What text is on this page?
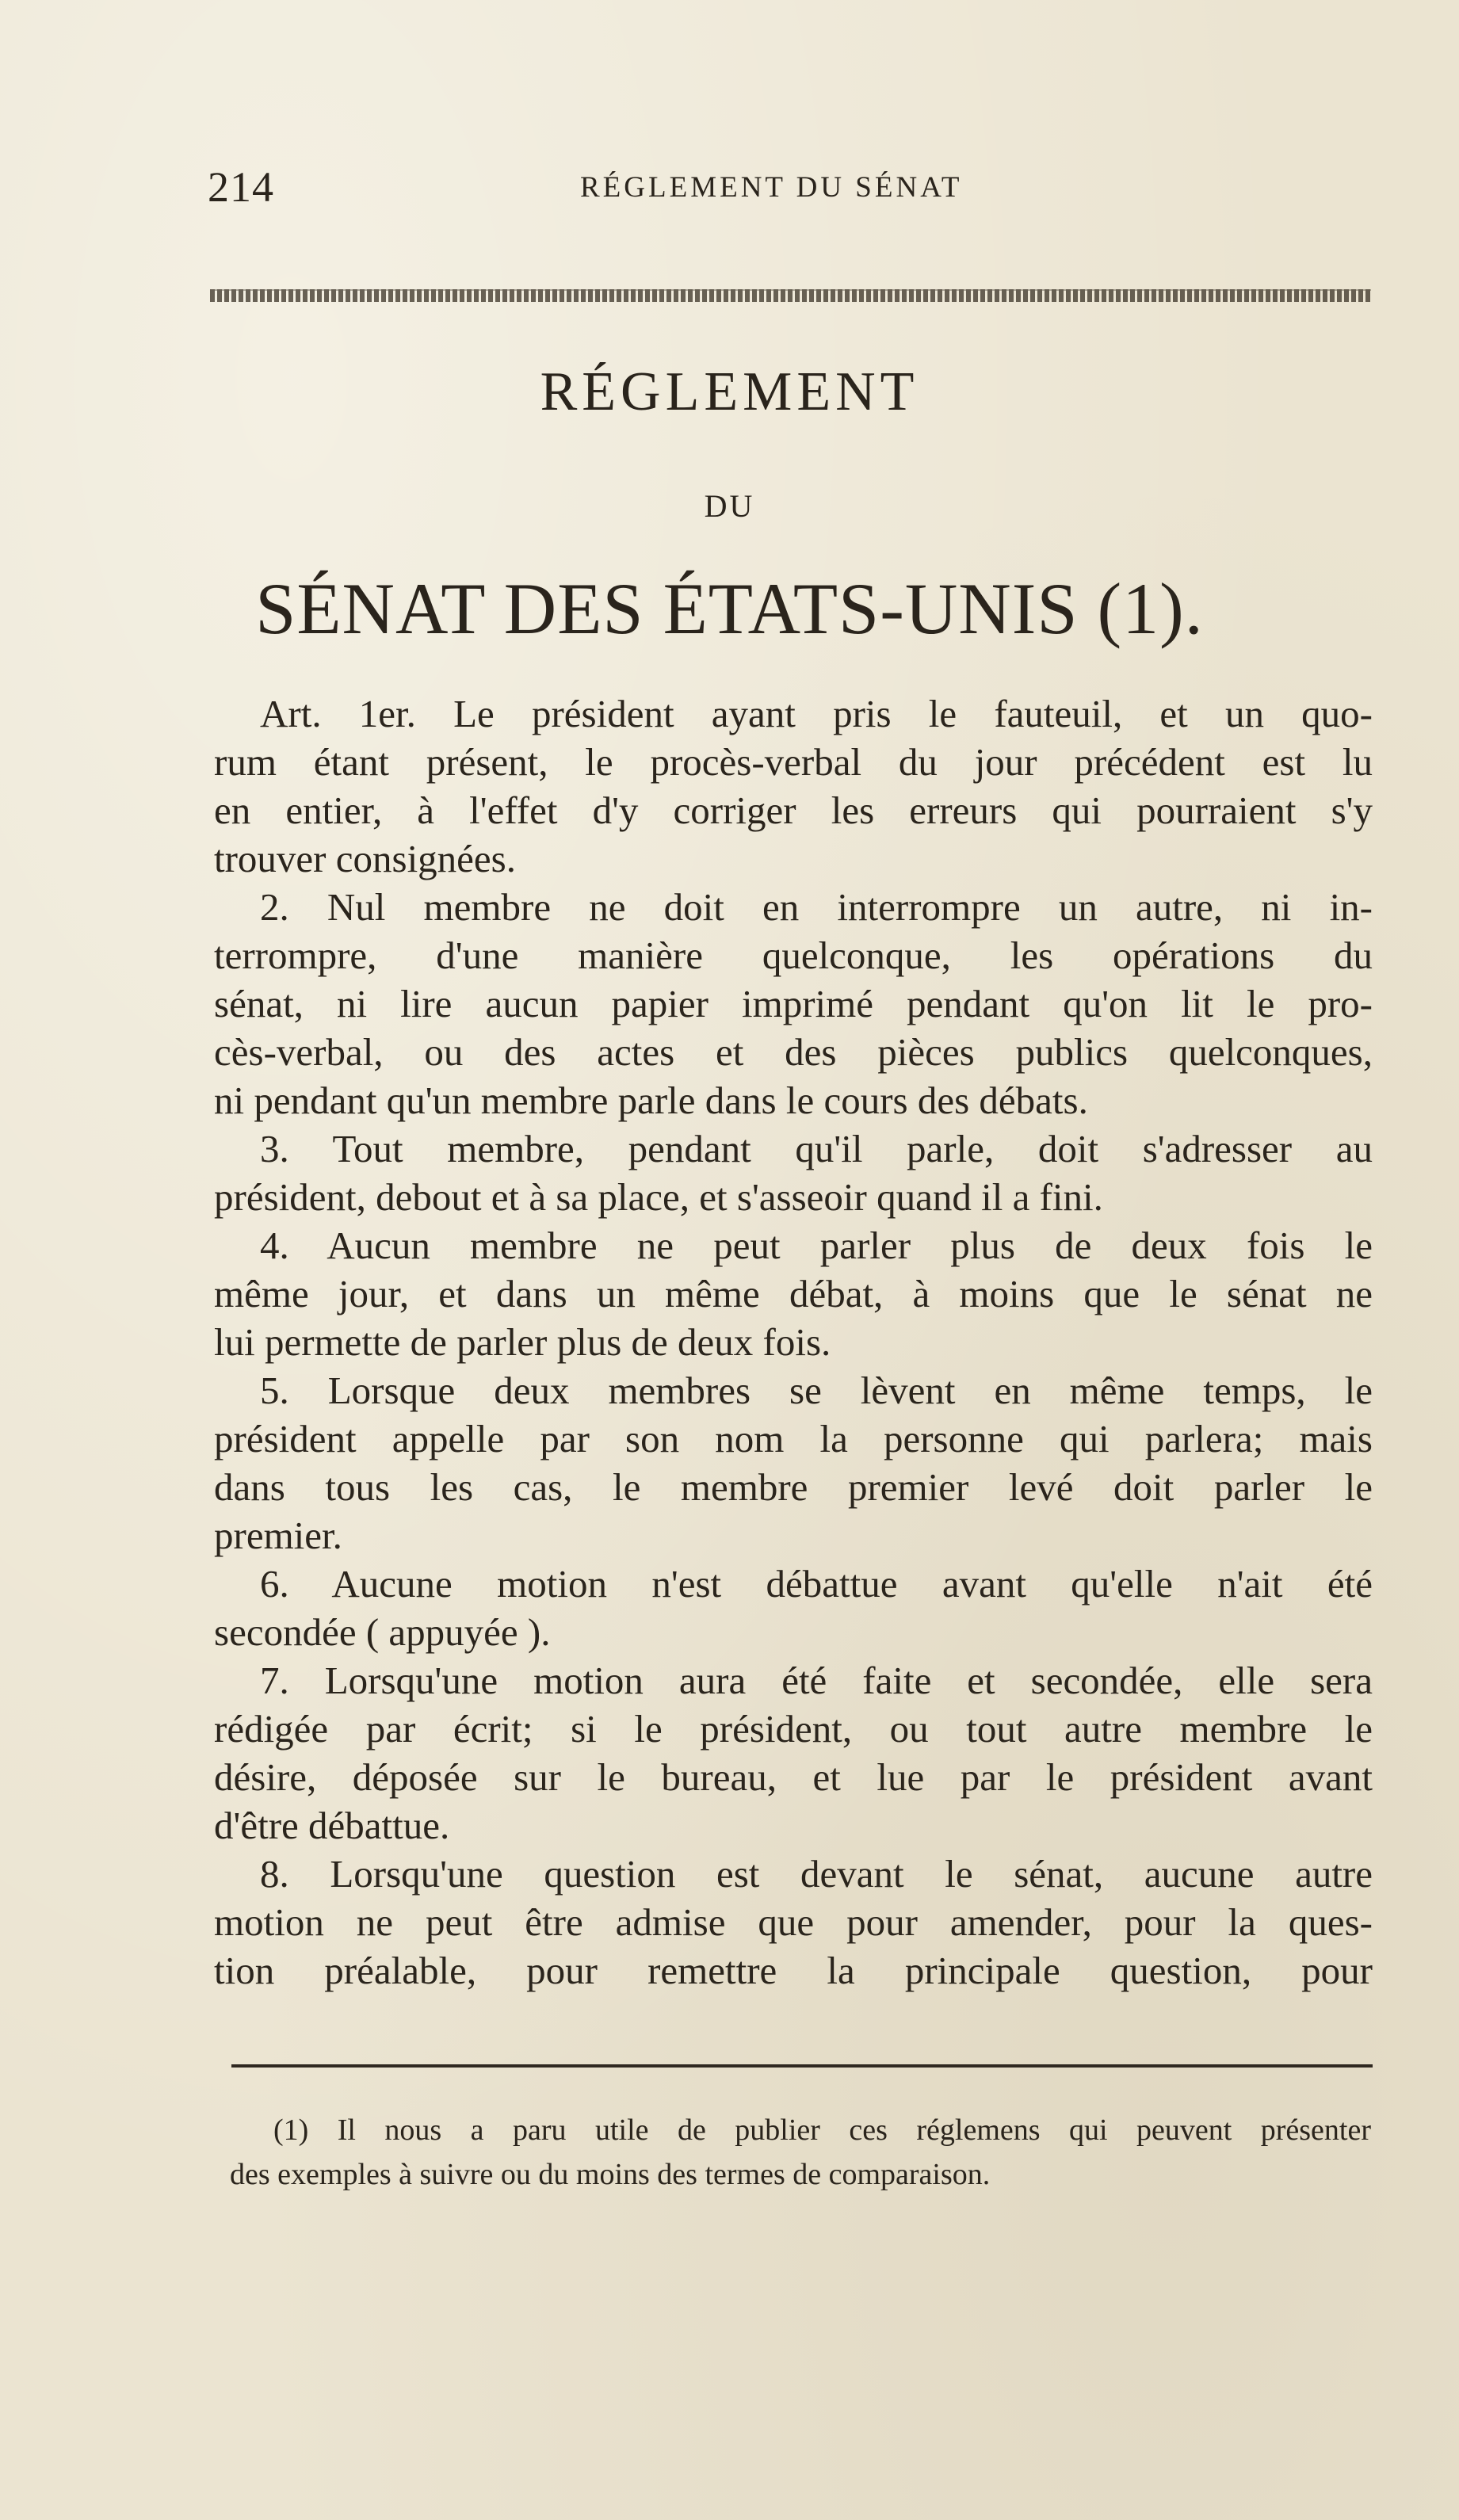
214	RÉGLEMENT DU SÉNAT
RÉGLEMENT
DU
SÉNAT DES ÉTATS-UNIS (1).
Art. 1er. Le président ayant pris le fauteuil, et un quo-
rum étant présent, le procès-verbal du jour précédent est lu
en entier, à l'effet d'y corriger les erreurs qui pourraient s'y
trouver consignées.
2. Nul membre ne doit en interrompre un autre, ni in-
terrompre, d'une manière quelconque, les opérations du
sénat, ni lire aucun papier imprimé pendant qu'on lit le pro-
cès-verbal, ou des actes et des pièces publics quelconques,
ni pendant qu'un membre parle dans le cours des débats.
3. Tout membre, pendant qu'il parle, doit s'adresser au
président, debout et à sa place, et s'asseoir quand il a fini.
4. Aucun membre ne peut parler plus de deux fois le
même jour, et dans un même débat, à moins que le sénat ne
lui permette de parler plus de deux fois.
5. Lorsque deux membres se lèvent en même temps, le
président appelle par son nom la personne qui parlera; mais
dans tous les cas, le membre premier levé doit parler le
premier.
6. Aucune motion n'est débattue avant qu'elle n'ait été
secondée ( appuyée ).
7. Lorsqu'une motion aura été faite et secondée, elle sera
rédigée par écrit; si le président, ou tout autre membre le
désire, déposée sur le bureau, et lue par le président avant
d'être débattue.
8. Lorsqu'une question est devant le sénat, aucune autre
motion ne peut être admise que pour amender, pour la ques-
tion préalable, pour remettre la principale question, pour
(1) Il nous a paru utile de publier ces réglemens qui peuvent présenter
des exemples à suivre ou du moins des termes de comparaison.
